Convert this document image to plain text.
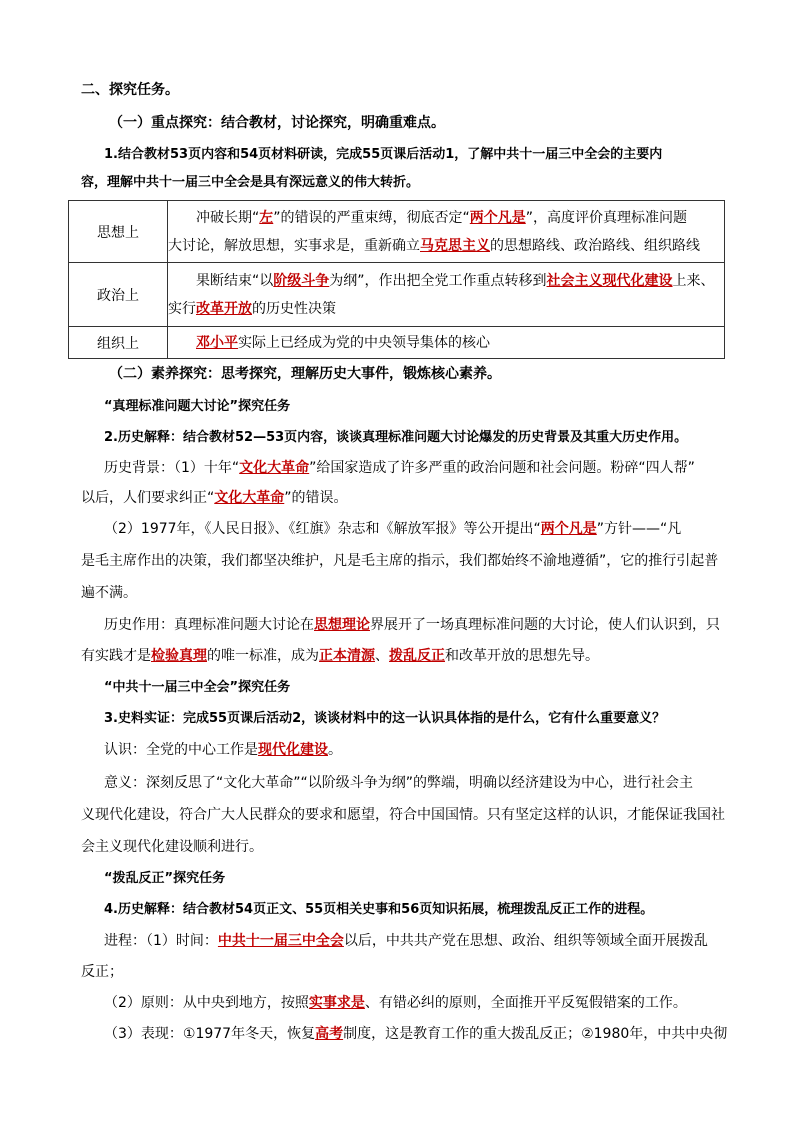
二、探究任务。
（一）重点探究：结合教材，讨论探究，明确重难点。
1.结合教材53页内容和54页材料研读，完成55页课后活动1，了解中共十一届三中全会的主要内
容，理解中共十一届三中全会是具有深远意义的伟大转折。
思想上	冲破长期“左”的错误的严重束缚，彻底否定“两个凡是”，高度评价真理标准问题
大讨论，解放思想，实事求是，重新确立马克思主义的思想路线、政治路线、组织路线

政治上	果断结束“以阶级斗争为纲”，作出把全党工作重点转移到社会主义现代化建设上来、
实行改革开放的历史性决策

组织上	邓小平实际上已经成为党的中央领导集体的核心
（二）素养探究：思考探究，理解历史大事件，锻炼核心素养。
“真理标准问题大讨论”探究任务
2.历史解释：结合教材52—53页内容，谈谈真理标准问题大讨论爆发的历史背景及其重大历史作用。
历史背景：（1）十年“文化大革命”给国家造成了许多严重的政治问题和社会问题。粉碎“四人帮”
以后，人们要求纠正“文化大革命”的错误。
（2）1977年，《人民日报》、《红旗》杂志和《解放军报》等公开提出“两个凡是”方针——“凡
是毛主席作出的决策，我们都坚决维护，凡是毛主席的指示，我们都始终不渝地遵循”，它的推行引起普
遍不满。
历史作用：真理标准问题大讨论在思想理论界展开了一场真理标准问题的大讨论，使人们认识到，只
有实践才是检验真理的唯一标准，成为正本清源、拨乱反正和改革开放的思想先导。
“中共十一届三中全会”探究任务
3.史料实证：完成55页课后活动2，谈谈材料中的这一认识具体指的是什么，它有什么重要意义？
认识：全党的中心工作是现代化建设。
意义：深刻反思了“文化大革命”“以阶级斗争为纲”的弊端，明确以经济建设为中心，进行社会主
义现代化建设，符合广大人民群众的要求和愿望，符合中国国情。只有坚定这样的认识，才能保证我国社
会主义现代化建设顺利进行。
“拨乱反正”探究任务
4.历史解释：结合教材54页正文、55页相关史事和56页知识拓展，梳理拨乱反正工作的进程。
进程：（1）时间：中共十一届三中全会以后，中共共产党在思想、政治、组织等领域全面开展拨乱
反正；
（2）原则：从中央到地方，按照实事求是、有错必纠的原则，全面推开平反冤假错案的工作。
（3）表现：①1977年冬天，恢复高考制度，这是教育工作的重大拨乱反正；②1980年，中共中央彻
